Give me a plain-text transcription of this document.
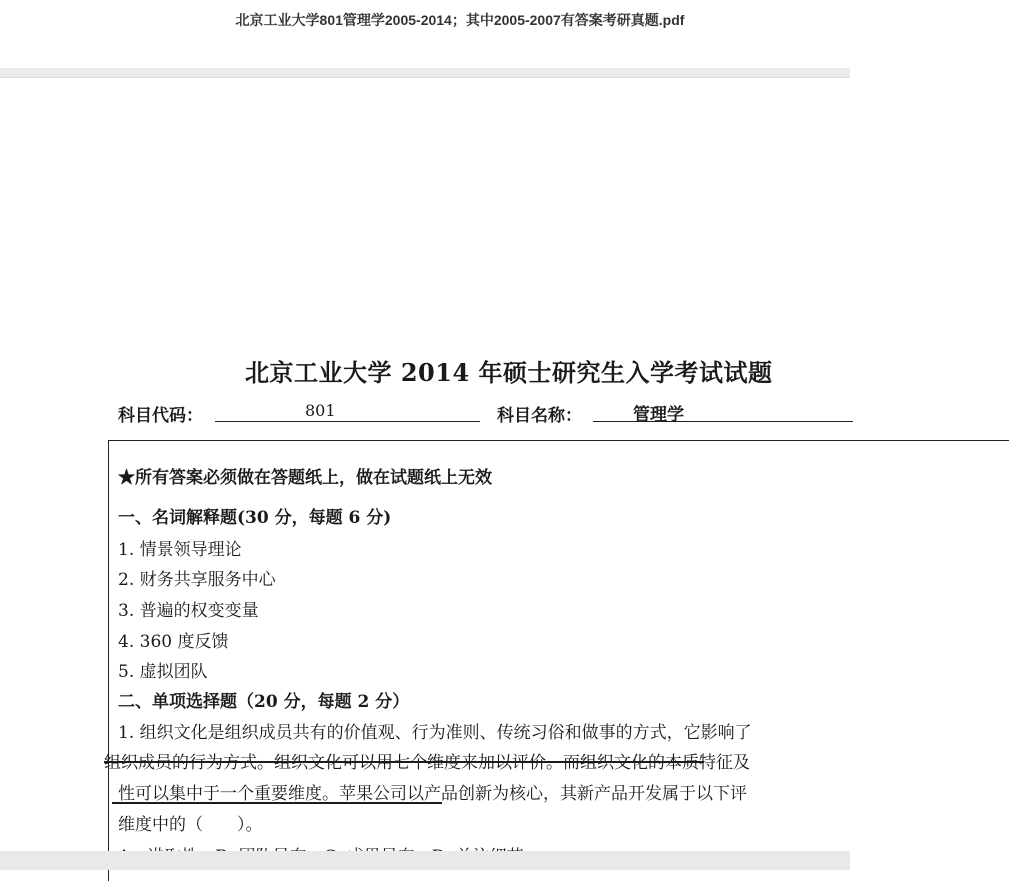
北京工业大学801管理学2005-2014；其中2005-2007有答案考研真题.pdf
北京工业大学 2014 年硕士研究生入学考试试题
科目代码：	801	科目名称：	管理学
★所有答案必须做在答题纸上，做在试题纸上无效
一、名词解释题(30 分，每题 6 分)
1. 情景领导理论
2. 财务共享服务中心
3. 普遍的权变变量
4. 360 度反馈
5. 虚拟团队
二、单项选择题（20 分，每题 2 分）
1. 组织文化是组织成员共有的价值观、行为准则、传统习俗和做事的方式，它影响了
组织成员的行为方式。组织文化可以用七个维度来加以评价。而组织文化的本质特征及
性可以集中于一个重要维度。苹果公司以产品创新为核心，其新产品开发属于以下评
维度中的（　　）。
